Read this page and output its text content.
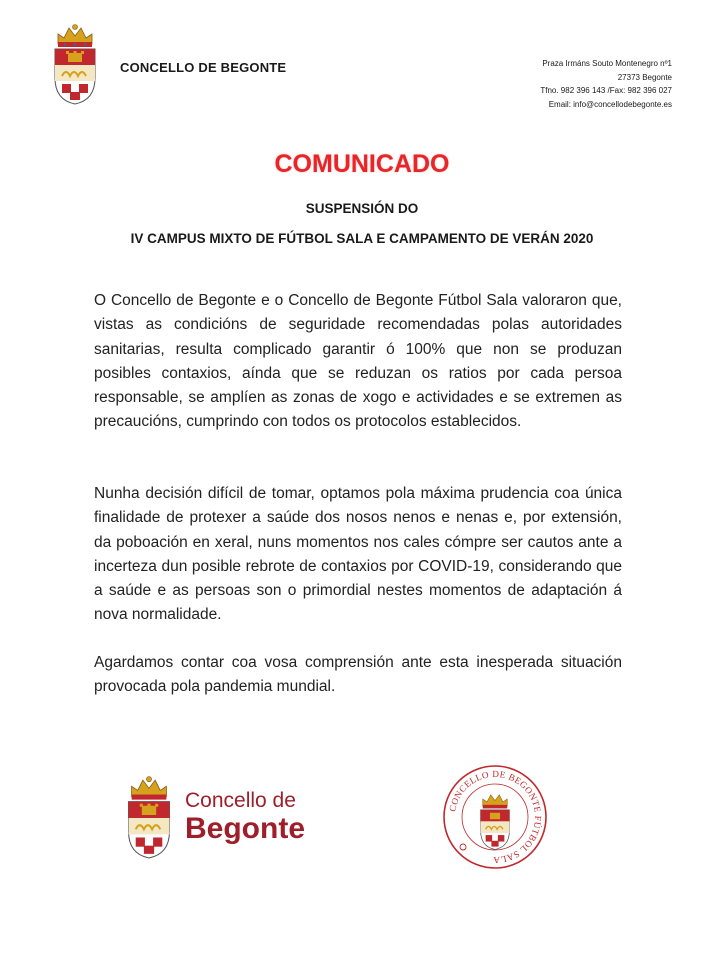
CONCELLO DE BEGONTE	Praza Irmáns Souto Montenegro nº1
27373 Begonte
Tfno. 982 396 143 /Fax: 982 396 027
Email: info@concellodebegonte.es
COMUNICADO
SUSPENSIÓN DO
IV CAMPUS MIXTO DE FÚTBOL SALA E CAMPAMENTO DE VERÁN 2020
O Concello de Begonte e o Concello de Begonte Fútbol Sala valoraron que, vistas as condicións de seguridade recomendadas polas autoridades sanitarias, resulta complicado garantir ó 100% que non se produzan posibles contaxios, aínda que se reduzan os ratios por cada persoa responsable, se amplíen as zonas de xogo e actividades e se extremen as precaucións, cumprindo con todos os protocolos establecidos.
Nunha decisión difícil de tomar, optamos pola máxima prudencia coa única finalidade de protexer a saúde dos nosos nenos e nenas e, por extensión, da poboación en xeral, nuns momentos nos cales cómpre ser cautos ante a incerteza dun posible rebrote de contaxios por COVID-19, considerando que a saúde e as persoas son o primordial nestes momentos de adaptación á nova normalidade.
Agardamos contar coa vosa comprensión ante esta inesperada situación provocada pola pandemia mundial.
Concello de
Begonte
CONCELLO DE BEGONTE FÚTBOL SALA
